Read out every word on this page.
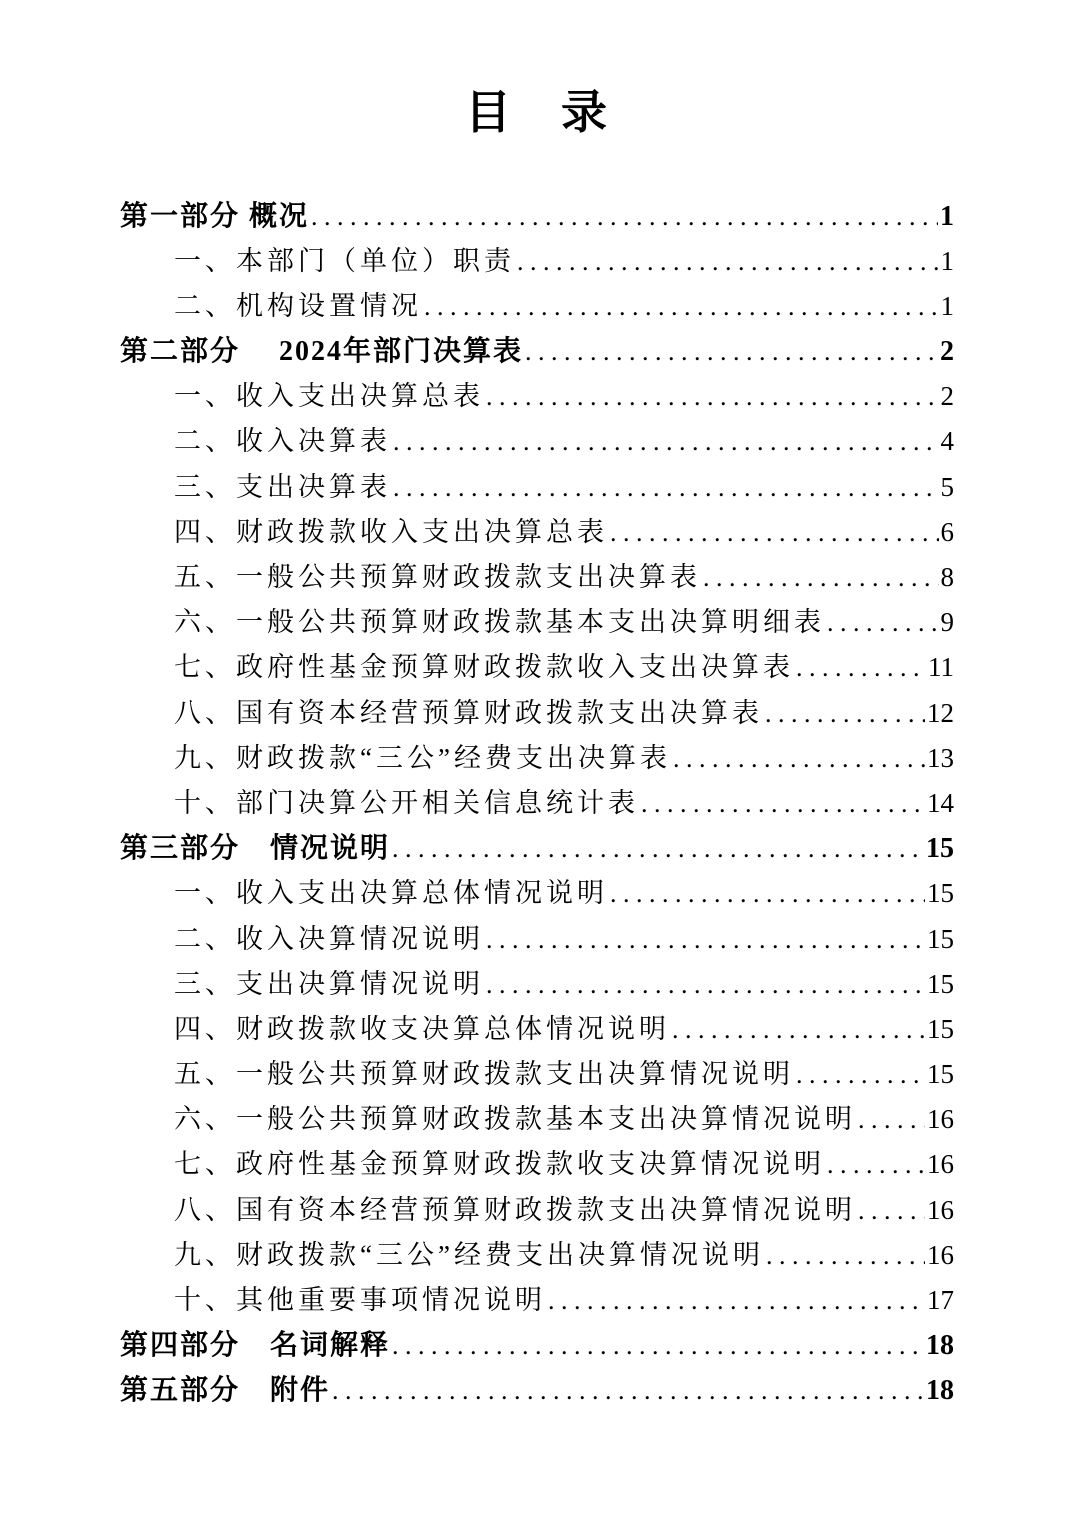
目　录
第一部分 概况 . . .	1
一、本部门（单位）职责 . . .	1
二、机构设置情况 . . .	1
第二部分　 2024年部门决算表 . . .	2
一、收入支出决算总表 . . .	2
二、收入决算表 . . .	4
三、支出决算表 . . .	5
四、财政拨款收入支出决算总表 . . .	6
五、一般公共预算财政拨款支出决算表 . . .	8
六、一般公共预算财政拨款基本支出决算明细表 . . .	9
七、政府性基金预算财政拨款收入支出决算表 . . .	11
八、国有资本经营预算财政拨款支出决算表 . . .	12
九、财政拨款“三公”经费支出决算表 . . .	13
十、部门决算公开相关信息统计表 . . .	14
第三部分　情况说明 . . .	15
一、收入支出决算总体情况说明 . . .	15
二、收入决算情况说明 . . .	15
三、支出决算情况说明 . . .	15
四、财政拨款收支决算总体情况说明 . . .	15
五、一般公共预算财政拨款支出决算情况说明 . . .	15
六、一般公共预算财政拨款基本支出决算情况说明 . . .	16
七、政府性基金预算财政拨款收支决算情况说明 . . .	16
八、国有资本经营预算财政拨款支出决算情况说明 . . .	16
九、财政拨款“三公”经费支出决算情况说明 . . .	16
十、其他重要事项情况说明 . . .	17
第四部分　名词解释 . . .	18
第五部分　附件 . . .	18
